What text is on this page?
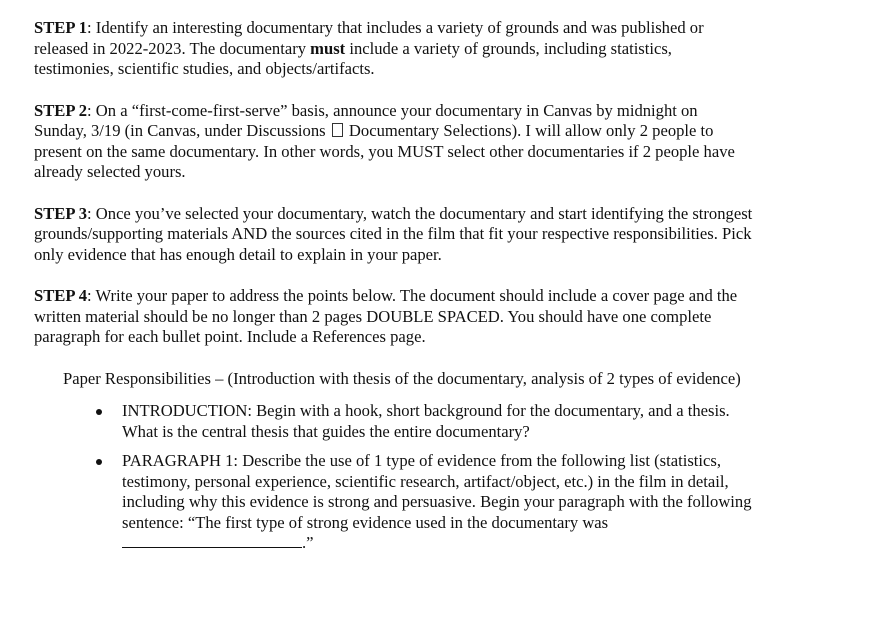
STEP 1: Identify an interesting documentary that includes a variety of grounds and was published or released in 2022-2023. The documentary must include a variety of grounds, including statistics, testimonies, scientific studies, and objects/artifacts.

STEP 2: On a “first-come-first-serve” basis, announce your documentary in Canvas by midnight on Sunday, 3/19 (in Canvas, under Discussions Documentary Selections). I will allow only 2 people to present on the same documentary. In other words, you MUST select other documentaries if 2 people have already selected yours.

STEP 3: Once you’ve selected your documentary, watch the documentary and start identifying the strongest grounds/supporting materials AND the sources cited in the film that fit your respective responsibilities. Pick only evidence that has enough detail to explain in your paper.

STEP 4: Write your paper to address the points below. The document should include a cover page and the written material should be no longer than 2 pages DOUBLE SPACED. You should have one complete paragraph for each bullet point. Include a References page.

Paper Responsibilities – (Introduction with thesis of the documentary, analysis of 2 types of evidence)

INTRODUCTION: Begin with a hook, short background for the documentary, and a thesis. What is the central thesis that guides the entire documentary?
PARAGRAPH 1: Describe the use of 1 type of evidence from the following list (statistics, testimony, personal experience, scientific research, artifact/object, etc.) in the film in detail, including why this evidence is strong and persuasive. Begin your paragraph with the following sentence: “The first type of strong evidence used in the documentary was .”
